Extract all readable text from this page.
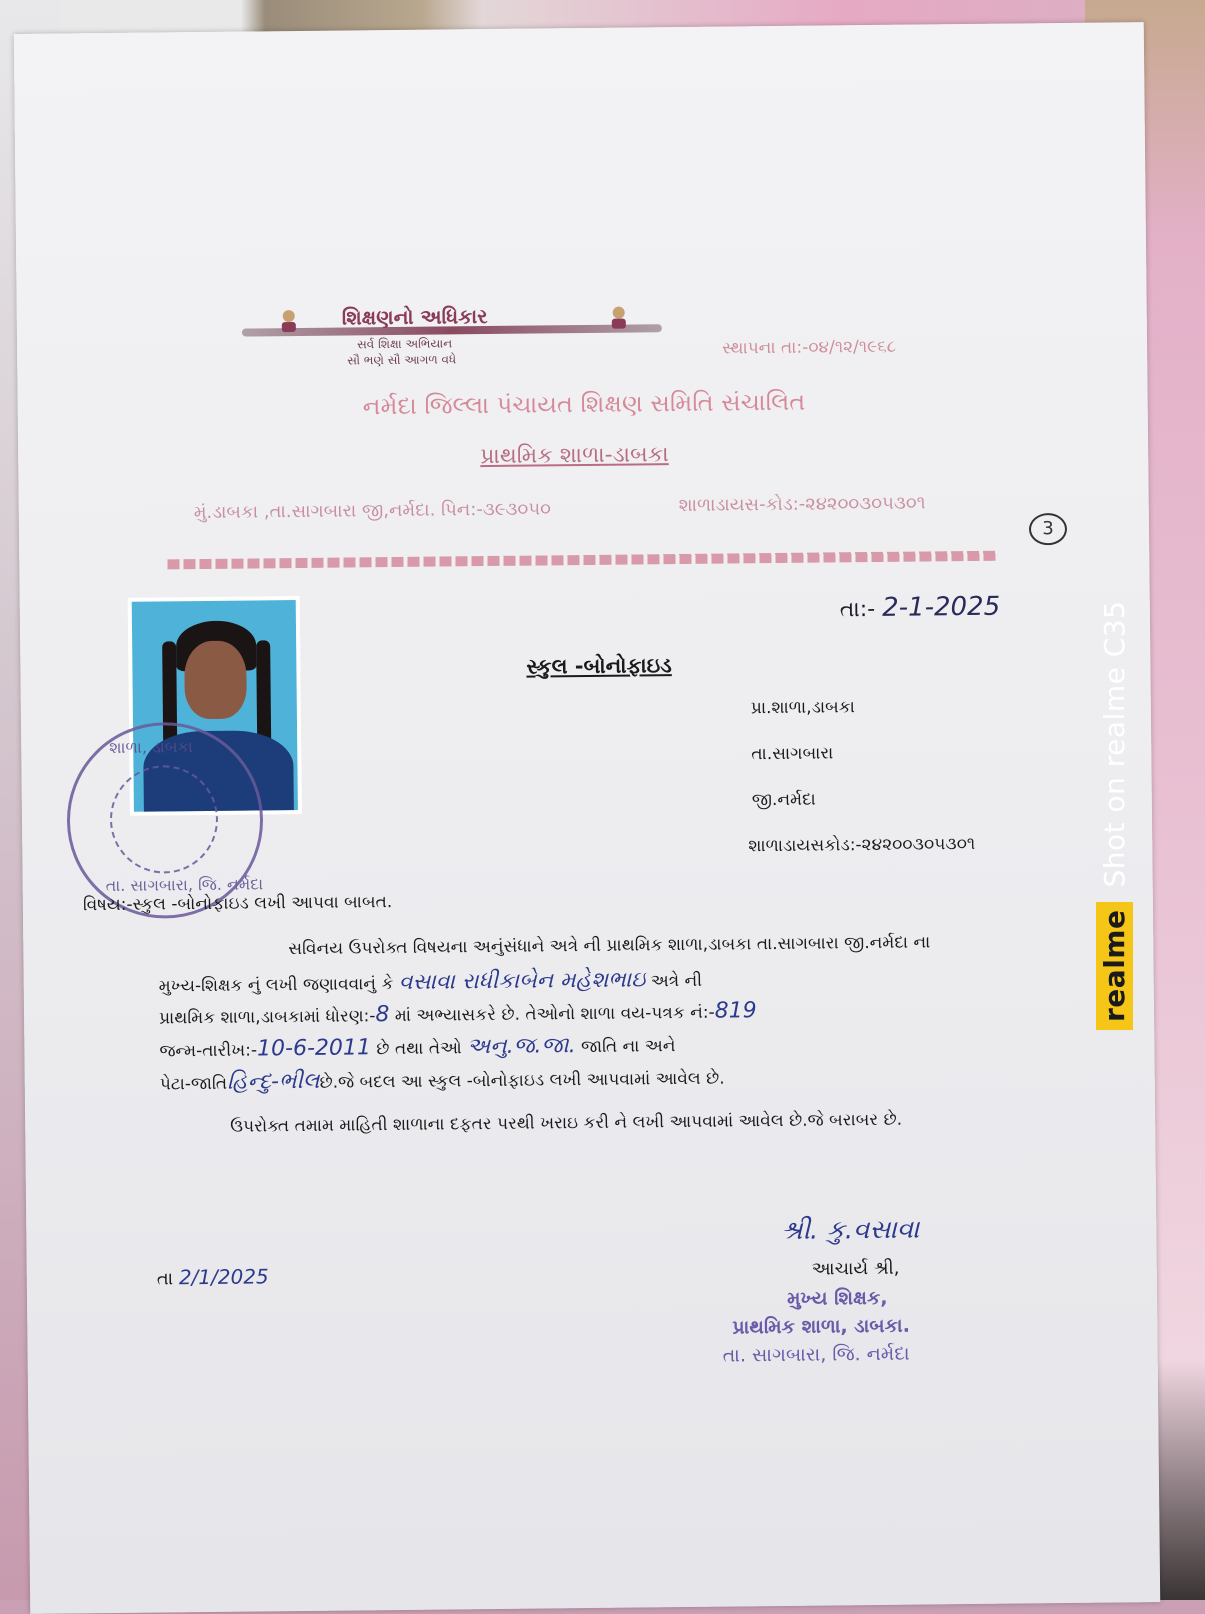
શિક્ષણનો અધિકાર
સર્વ શિક્ષા અભિયાન
સૌ ભણે સૌ આગળ વધે
સ્થાપના તા:-૦૪/૧૨/૧૯૬૮
નર્મદા જિલ્લા પંચાયત શિક્ષણ સમિતિ સંચાલિત
પ્રાથમિક શાળા-ડાબકા
મું.ડાબકા ,તા.સાગબારા જી,નર્મદા. પિન:-૩૯૩૦૫૦	શાળાડાયસ-કોડ:-૨૪૨૦૦૩૦૫૩૦૧
3
શાળા, ડાબકા
તા. સાગબારા, જિ. નર્મદા
તા:- 2-1-2025
સ્કુલ -બોનોફાઇડ
પ્રા.શાળા,ડાબકા
તા.સાગબારા
જી.નર્મદા
શાળાડાયસકોડ:-૨૪૨૦૦૩૦૫૩૦૧
વિષય:-સ્કુલ -બોનોફાઇડ લખી આપવા બાબત.
સવિનય ઉપરોક્ત વિષયના અનુંસંધાને અત્રે ની પ્રાથમિક શાળા,ડાબકા તા.સાગબારા જી.નર્મદા ના
મુખ્ય-શિક્ષક નું લખી જણાવવાનું કે વસાવા રાધીકાબેન મહેશભાઇ અત્રે ની
પ્રાથમિક શાળા,ડાબકામાં ધોરણ:-8 માં અભ્યાસકરે છે. તેઓનો શાળા વય-પત્રક નં:-819
જન્મ-તારીખ:-10-6-2011 છે તથા તેઓ અનુ.જ.જા. જાતિ ના અને
પેટા-જાતિહિન્દુ-ભીલછે.જે બદલ આ સ્કુલ -બોનોફાઇડ લખી આપવામાં આવેલ છે.
ઉપરોક્ત તમામ માહિતી શાળાના દફતર પરથી ખરાઇ કરી ને લખી આપવામાં આવેલ છે.જે બરાબર છે.
તા 2/1/2025
શ્રી. કુ.વસાવા
આચાર્ય શ્રી,
મુખ્ય શિક્ષક,
પ્રાથમિક શાળા, ડાબકા.
તા. સાગબારા, જિ. નર્મદા
realmeShot on realme C35
